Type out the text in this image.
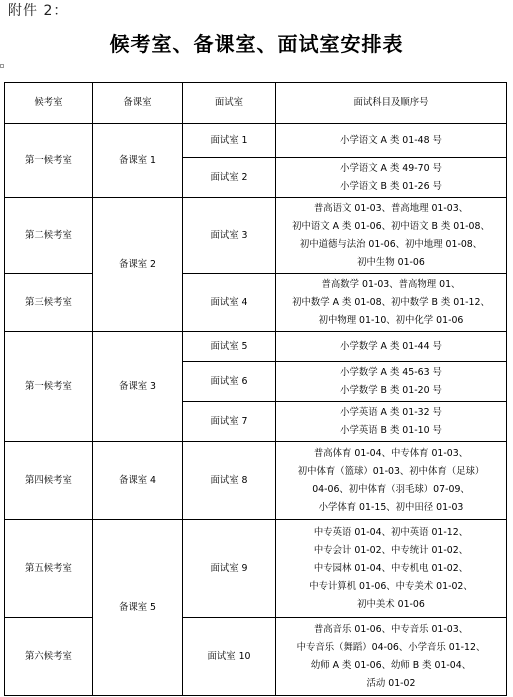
附件 2：
候考室、备课室、面试室安排表
候考室	备课室	面试室	面试科目及顺序号
第一候考室	备课室 1	面试室 1	小学语文 A 类 01-48 号

		面试室 2	小学语文 A 类 49-70 号
小学语文 B 类 01-26 号

第二候考室	备课室 2	面试室 3	普高语文 01-03、普高地理 01-03、
初中语文 A 类 01-06、初中语文 B 类 01-08、
初中道德与法治 01-06、初中地理 01-08、
初中生物 01-06

第三候考室		面试室 4	普高数学 01-03、普高物理 01、
初中数学 A 类 01-08、初中数学 B 类 01-12、
初中物理 01-10、初中化学 01-06

第一候考室	备课室 3	面试室 5	小学数学 A 类 01-44 号

		面试室 6	小学数学 A 类 45-63 号
小学数学 B 类 01-20 号

		面试室 7	小学英语 A 类 01-32 号
小学英语 B 类 01-10 号

第四候考室	备课室 4	面试室 8	普高体育 01-04、中专体育 01-03、
初中体育（篮球）01-03、初中体育（足球）
04-06、初中体育（羽毛球）07-09、
小学体育 01-15、初中田径 01-03

第五候考室	备课室 5	面试室 9	中专英语 01-04、初中英语 01-12、
中专会计 01-02、中专统计 01-02、
中专园林 01-04、中专机电 01-02、
中专计算机 01-06、中专美术 01-02、
初中美术 01-06

第六候考室		面试室 10	普高音乐 01-06、中专音乐 01-03、
中专音乐（舞蹈）04-06、小学音乐 01-12、
幼师 A 类 01-06、幼师 B 类 01-04、
活动 01-02
